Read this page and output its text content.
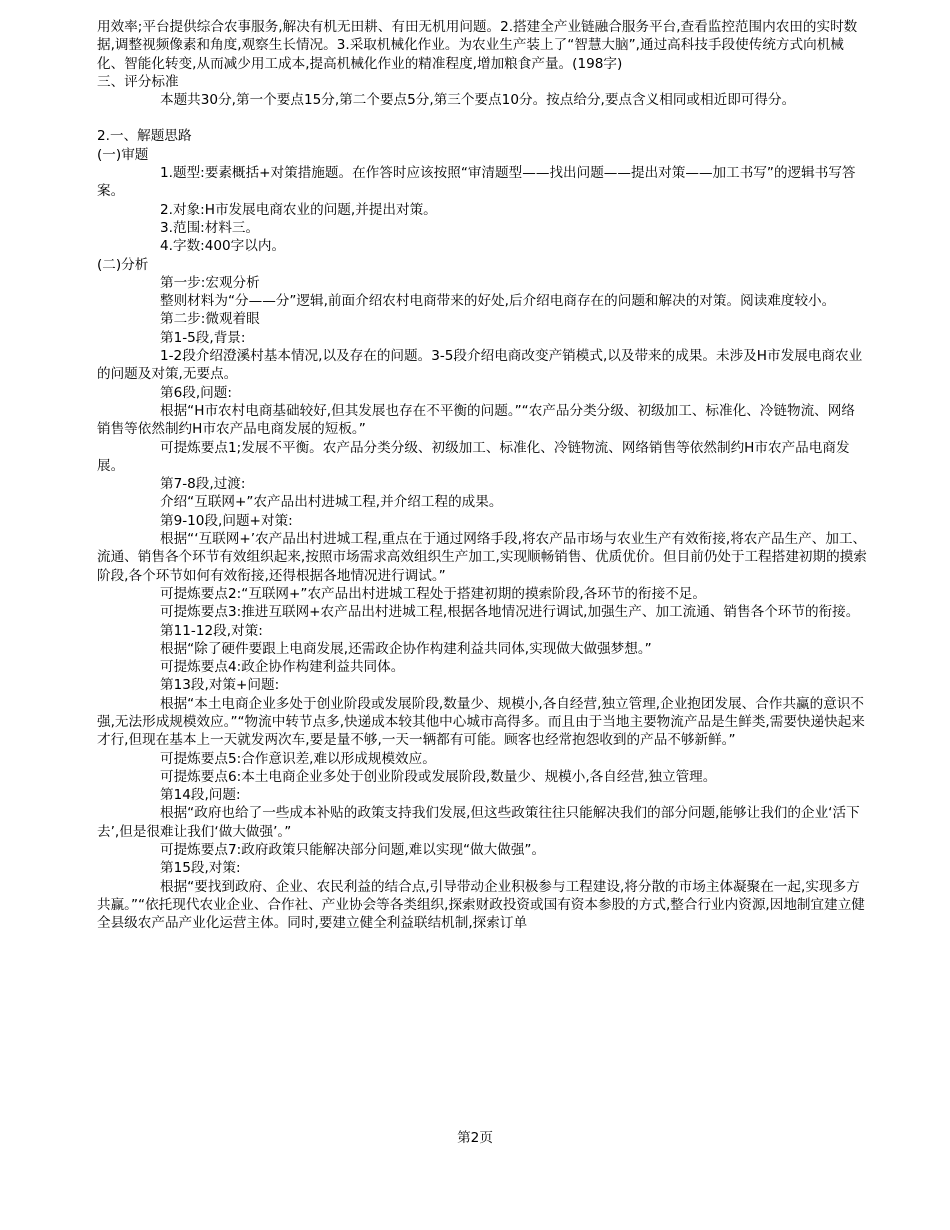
用效率;平台提供综合农事服务,解决有机无田耕、有田无机用问题。2.搭建全产业链融合服务平台,查看监控范围内农田的实时数据,调整视频像素和角度,观察生长情况。3.采取机械化作业。为农业生产装上了“智慧大脑”,通过高科技手段使传统方式向机械化、智能化转变,从而减少用工成本,提高机械化作业的精准程度,增加粮食产量。(198字)

三、评分标准

本题共30分,第一个要点15分,第二个要点5分,第三个要点10分。按点给分,要点含义相同或相近即可得分。

2.一、解题思路

(一)审题

1.题型:要素概括+对策措施题。在作答时应该按照“审清题型——找出问题——提出对策——加工书写”的逻辑书写答案。

2.对象:H市发展电商农业的问题,并提出对策。

3.范围:材料三。

4.字数:400字以内。

(二)分析

第一步:宏观分析

整则材料为“分——分”逻辑,前面介绍农村电商带来的好处,后介绍电商存在的问题和解决的对策。阅读难度较小。

第二步:微观着眼

第1-5段,背景:

1-2段介绍澄溪村基本情况,以及存在的问题。3-5段介绍电商改变产销模式,以及带来的成果。未涉及H市发展电商农业的问题及对策,无要点。

第6段,问题:

根据“H市农村电商基础较好,但其发展也存在不平衡的问题。”“农产品分类分级、初级加工、标准化、冷链物流、网络销售等依然制约H市农产品电商发展的短板。”

可提炼要点1;发展不平衡。农产品分类分级、初级加工、标准化、冷链物流、网络销售等依然制约H市农产品电商发展。

第7-8段,过渡:

介绍“互联网+”农产品出村进城工程,并介绍工程的成果。

第9-10段,问题+对策:

根据“‘互联网+’农产品出村进城工程,重点在于通过网络手段,将农产品市场与农业生产有效衔接,将农产品生产、加工、流通、销售各个环节有效组织起来,按照市场需求高效组织生产加工,实现顺畅销售、优质优价。但目前仍处于工程搭建初期的摸索阶段,各个环节如何有效衔接,还得根据各地情况进行调试。”

可提炼要点2:“互联网+”农产品出村进城工程处于搭建初期的摸索阶段,各环节的衔接不足。

可提炼要点3:推进互联网+农产品出村进城工程,根据各地情况进行调试,加强生产、加工流通、销售各个环节的衔接。

第11-12段,对策:

根据“除了硬件要跟上电商发展,还需政企协作构建利益共同体,实现做大做强梦想。”

可提炼要点4:政企协作构建利益共同体。

第13段,对策+问题:

根据“本土电商企业多处于创业阶段或发展阶段,数量少、规模小,各自经营,独立管理,企业抱团发展、合作共赢的意识不强,无法形成规模效应。”“物流中转节点多,快递成本较其他中心城市高得多。而且由于当地主要物流产品是生鲜类,需要快递快起来才行,但现在基本上一天就发两次车,要是量不够,一天一辆都有可能。顾客也经常抱怨收到的产品不够新鲜。”

可提炼要点5:合作意识差,难以形成规模效应。

可提炼要点6:本土电商企业多处于创业阶段或发展阶段,数量少、规模小,各自经营,独立管理。

第14段,问题:

根据“政府也给了一些成本补贴的政策支持我们发展,但这些政策往往只能解决我们的部分问题,能够让我们的企业‘活下去’,但是很难让我们‘做大做强’。”

可提炼要点7:政府政策只能解决部分问题,难以实现“做大做强”。

第15段,对策:

根据“要找到政府、企业、农民利益的结合点,引导带动企业积极参与工程建设,将分散的市场主体凝聚在一起,实现多方共赢。”“依托现代农业企业、合作社、产业协会等各类组织,探索财政投资或国有资本参股的方式,整合行业内资源,因地制宜建立健全县级农产品产业化运营主体。同时,要建立健全利益联结机制,探索订单

第2页
